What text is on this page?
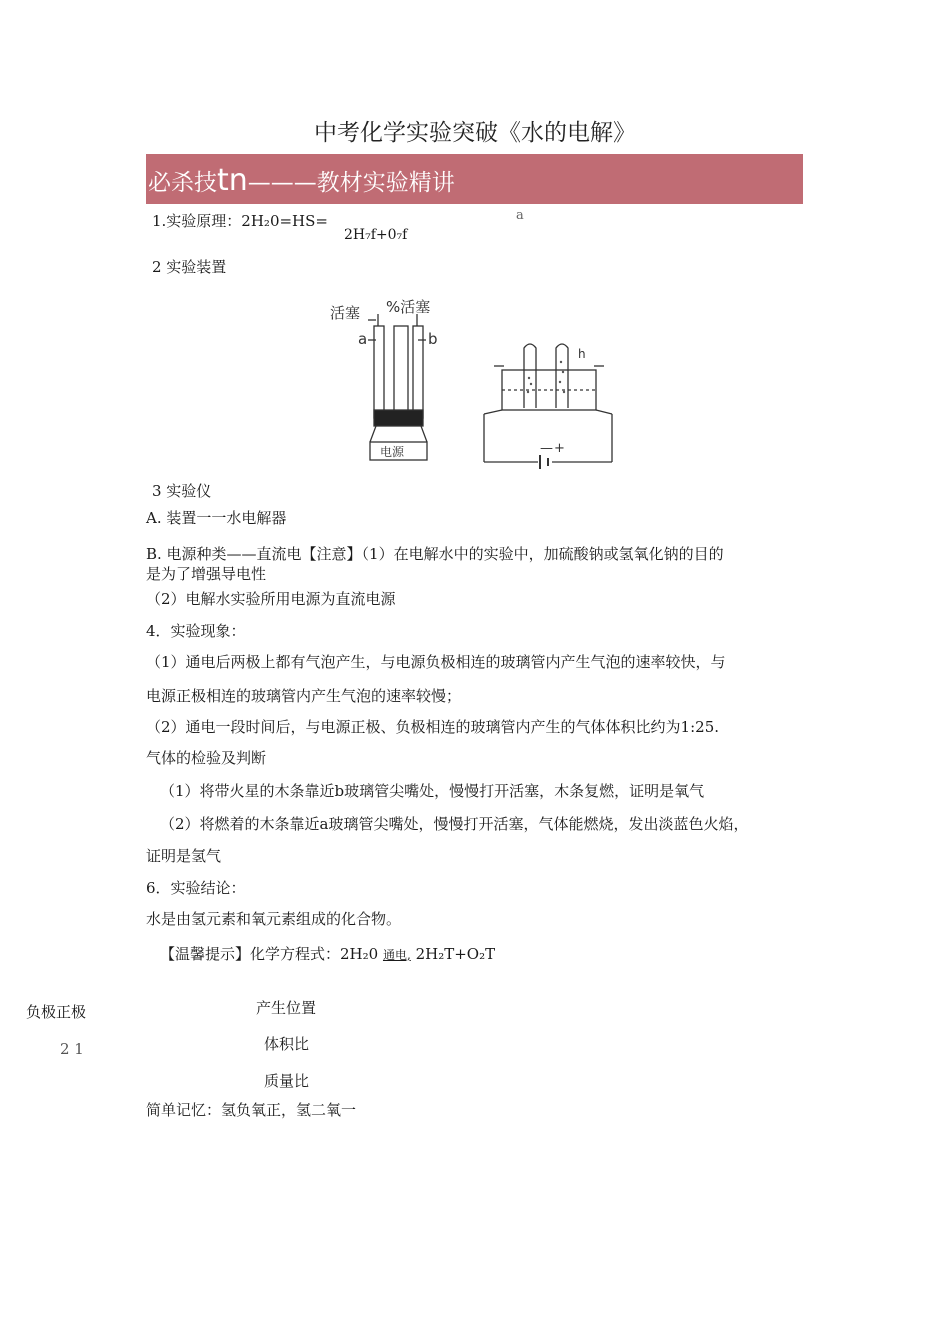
中考化学实验突破《水的电解》
必杀技tn———教材实验精讲
1.实验原理：2H₂0=HS=	a
2H₇f+0₇f
2 实验装置
活塞 %活塞
a	b
电源
h
— +
3 实验仪
A. 装置一一水电解器
B. 电源种类——直流电【注意】（1）在电解水中的实验中，加硫酸钠或氢氧化钠的目的
是为了增强导电性
（2）电解水实验所用电源为直流电源
4．实验现象：
（1）通电后两极上都有气泡产生，与电源负极相连的玻璃管内产生气泡的速率较快，与
电源正极相连的玻璃管内产生气泡的速率较慢；
（2）通电一段时间后，与电源正极、负极相连的玻璃管内产生的气体体积比约为1:25.
气体的检验及判断
（1）将带火星的木条靠近b玻璃管尖嘴处，慢慢打开活塞，木条复燃，证明是氧气
（2）将燃着的木条靠近a玻璃管尖嘴处，慢慢打开活塞，气体能燃烧，发出淡蓝色火焰，
证明是氢气
6．实验结论：
水是由氢元素和氧元素组成的化合物。
【温馨提示】化学方程式：2H₂0 通电, 2H₂T+O₂T
负极正极
2 1
产生位置
体积比
质量比
简单记忆：氢负氧正，氢二氧一
